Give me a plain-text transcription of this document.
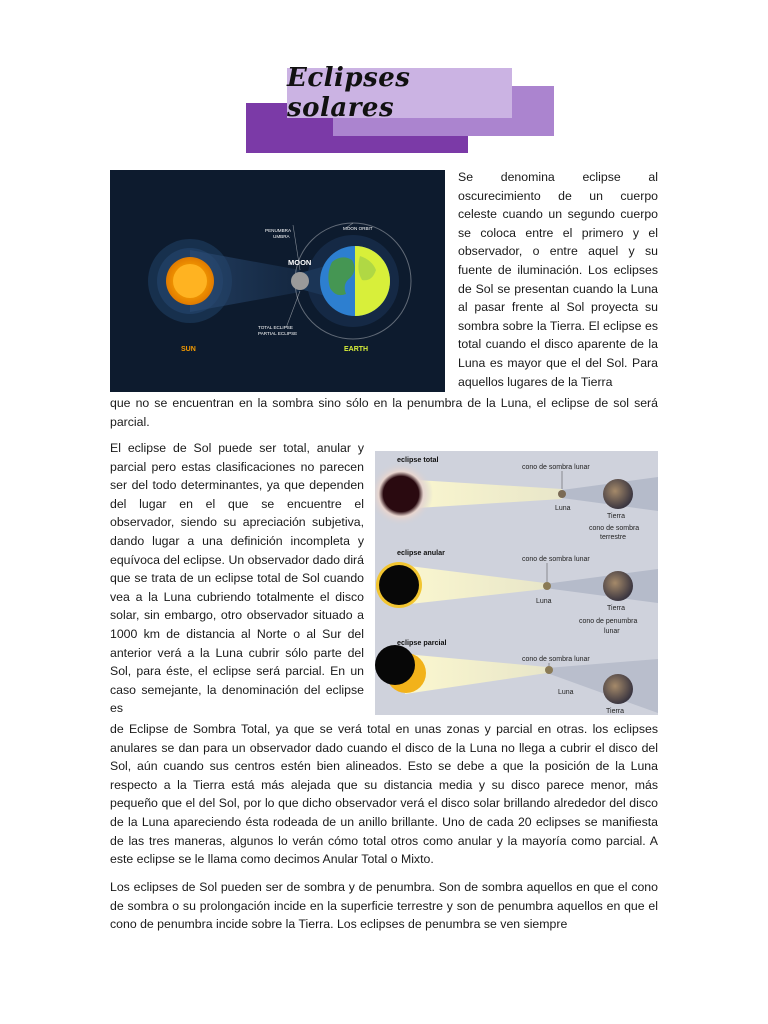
Eclipses solares
PENUMBRA
UMBRA
MOON ORBIT
MOON
TOTAL ECLIPSE
PARTIAL ECLIPSE
SUN	EARTH

Se denomina eclipse al oscurecimiento de un cuerpo celeste cuando un segundo cuerpo se coloca entre el primero y el observador, o entre aquel y su fuente de iluminación. Los eclipses de Sol se presentan cuando la Luna al pasar frente al Sol proyecta su sombra sobre la Tierra. El eclipse es total cuando el disco aparente de la Luna es mayor que el del Sol. Para aquellos lugares de la Tierra

que no se encuentran en la sombra sino sólo en la penumbra de la Luna, el eclipse de sol será parcial.

eclipse total
cono de sombra lunar
Luna
Tierra
cono de sombra
terrestre
eclipse anular
cono de sombra lunar
Luna
Tierra
cono de penumbra
lunar
eclipse parcial
cono de sombra lunar
Luna
Tierra

El eclipse de Sol puede ser total, anular y parcial pero estas clasificaciones no parecen ser del todo determinantes, ya que dependen del lugar en el que se encuentre el observador, siendo su apreciación subjetiva, dando lugar a una definición incompleta y equívoca del eclipse. Un observador dado dirá que se trata de un eclipse total de Sol cuando vea a la Luna cubriendo totalmente el disco solar, sin embargo, otro observador situado a 1000 km de distancia al Norte o al Sur del anterior verá a la Luna cubrir sólo parte del Sol, para éste, el eclipse será parcial. En un caso semejante, la denominación del eclipse es

de Eclipse de Sombra Total, ya que se verá total en unas zonas y parcial en otras. los eclipses anulares se dan para un observador dado cuando el disco de la Luna no llega a cubrir el disco del Sol, aún cuando sus centros estén bien alineados. Esto se debe a que la posición de la Luna respecto a la Tierra está más alejada que su distancia media y su disco parece menor, más pequeño que el del Sol, por lo que dicho observador verá el disco solar brillando alrededor del disco de la Luna apareciendo ésta rodeada de un anillo brillante. Uno de cada 20 eclipses se manifiesta de las tres maneras, algunos lo verán cómo total otros como anular y la mayoría como parcial. A este eclipse se le llama como decimos Anular Total o Mixto.

Los eclipses de Sol pueden ser de sombra y de penumbra. Son de sombra aquellos en que el cono de sombra o su prolongación incide en la superficie terrestre y son de penumbra aquellos en que el cono de penumbra incide sobre la Tierra. Los eclipses de penumbra se ven siempre
